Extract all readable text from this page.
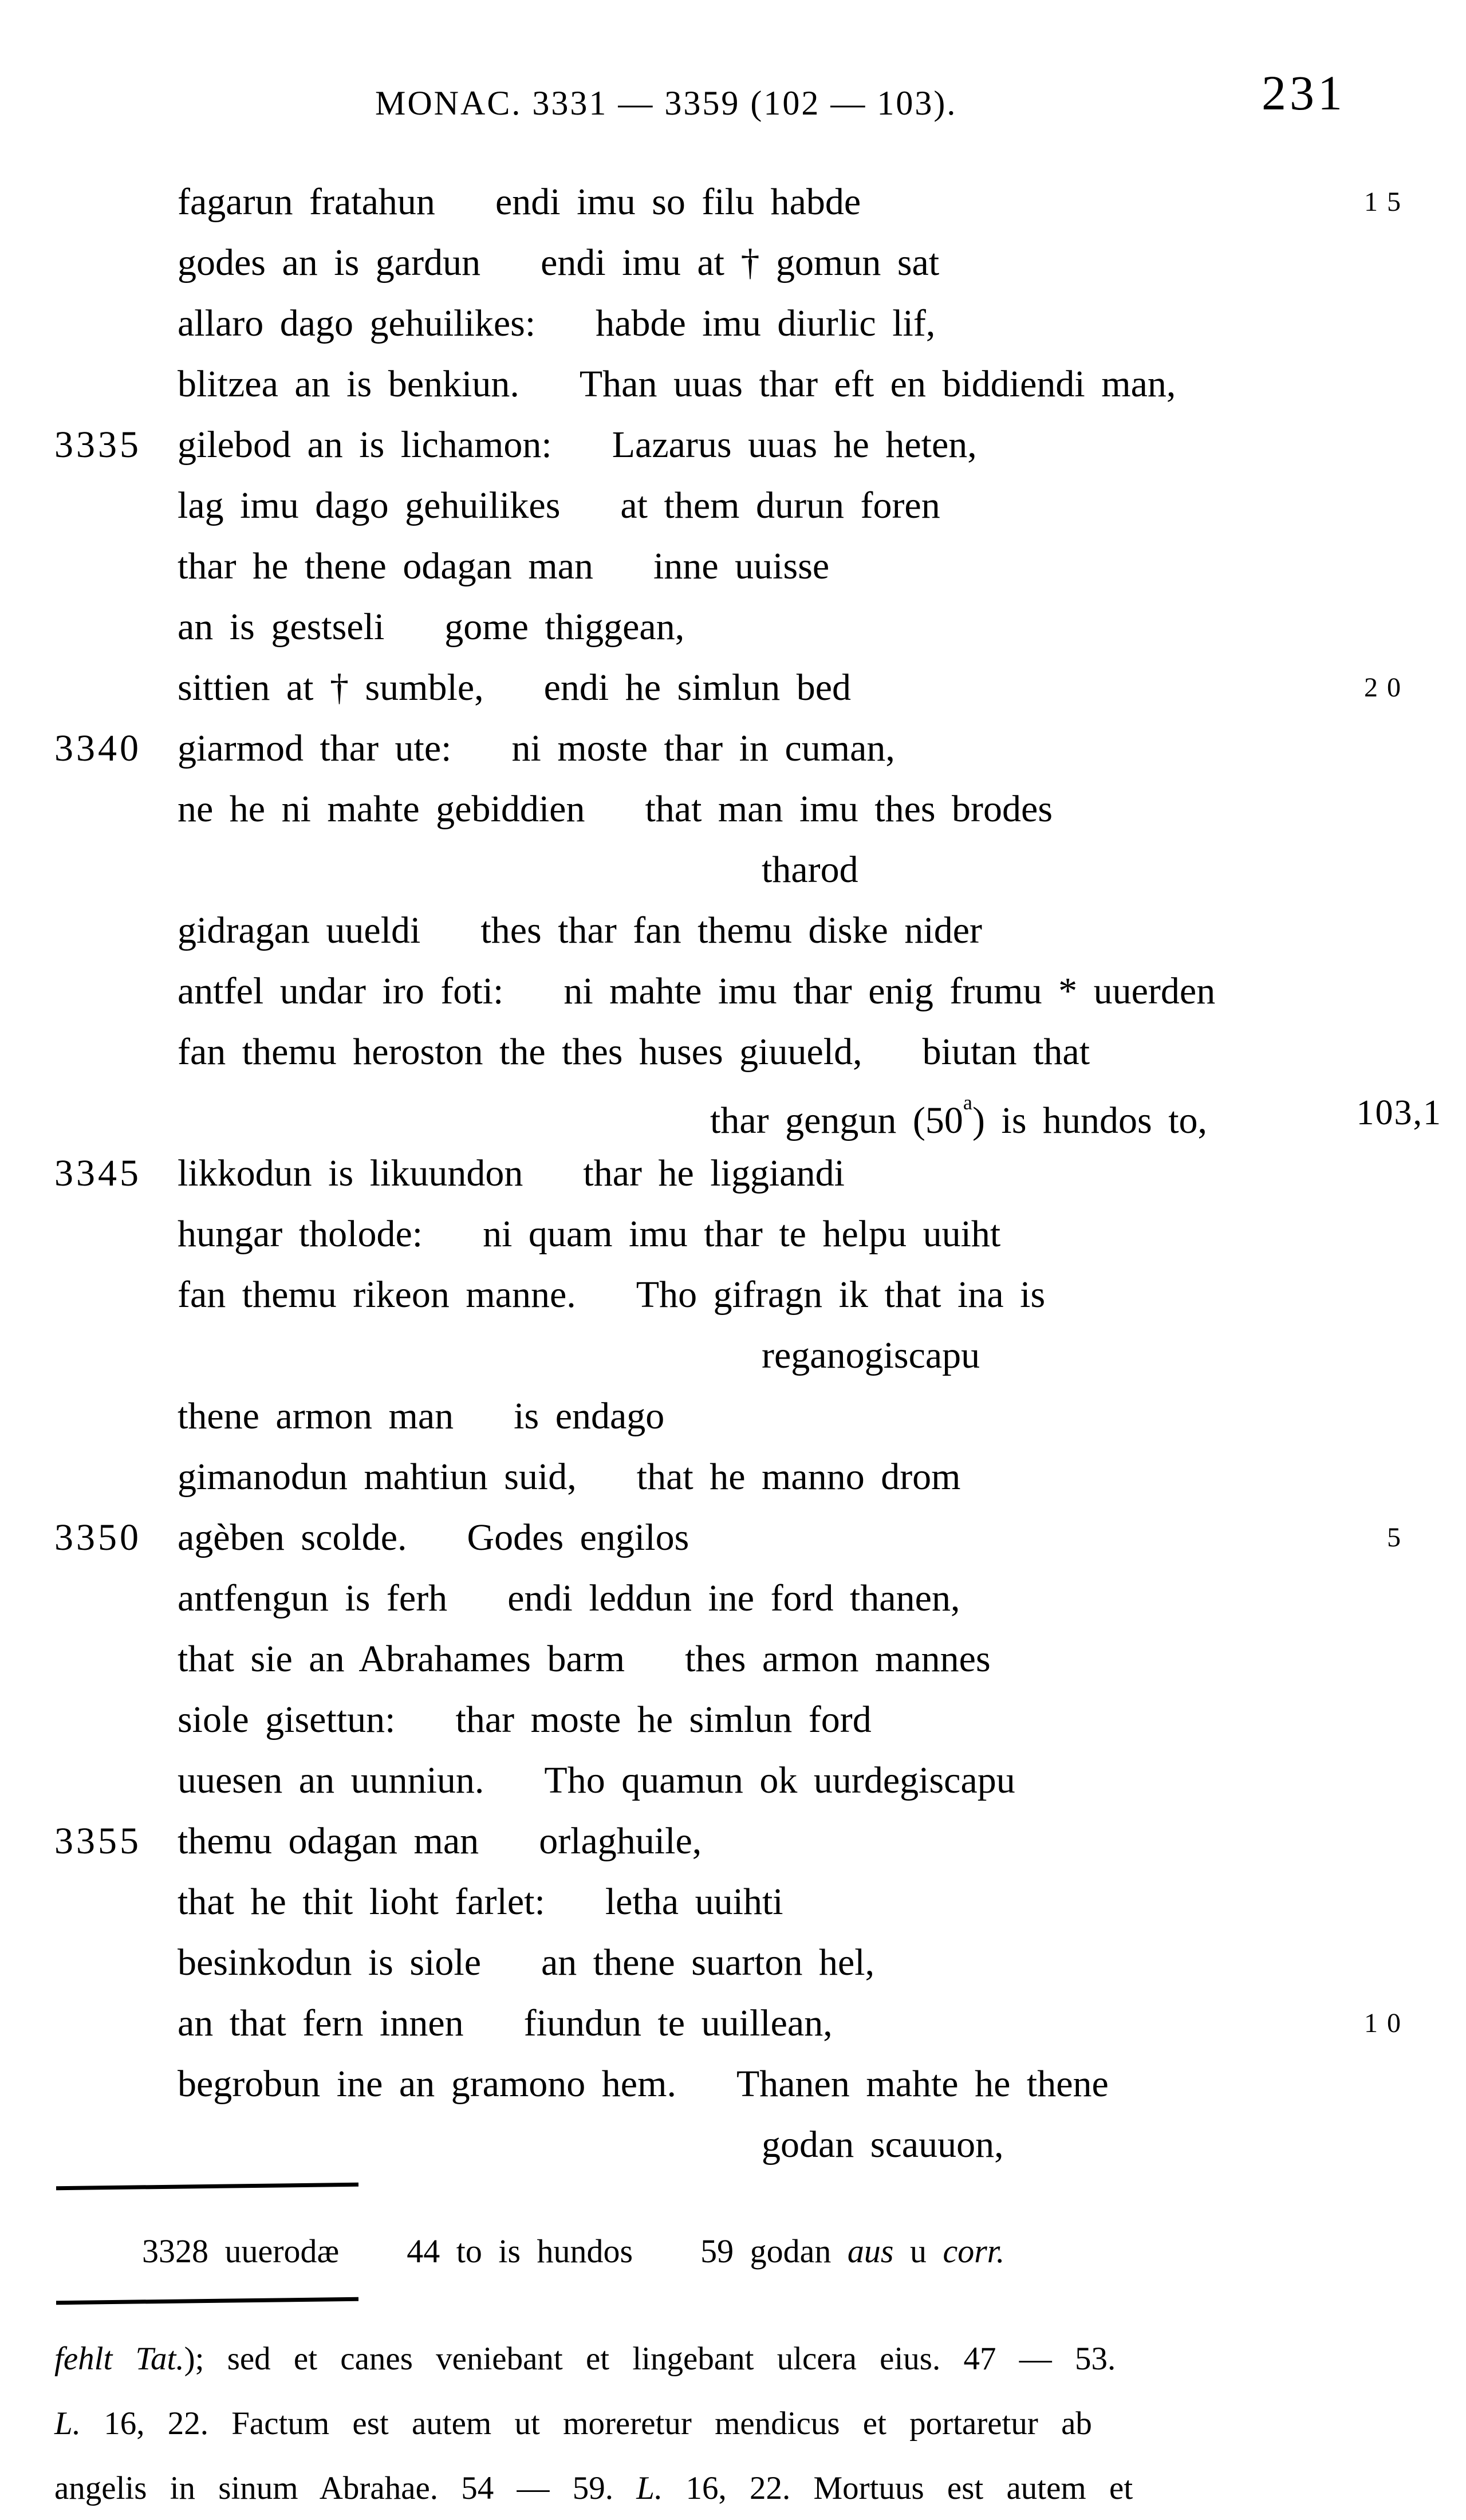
MONAC. 3331 — 3359 (102 — 103).	231
fagarun fratahun endi imu so filu habde	15
godes an is gardun endi imu at † gomun sat
allaro dago gehuilikes: habde imu diurlic lif,
blitzea an is benkiun. Than uuas thar eft en biddiendi man,
3335 gilebod an is lichamon: Lazarus uuas he heten,
lag imu dago gehuilikes at them durun foren
thar he thene odagan man inne uuisse
an is gestseli gome thiggean,
sittien at † sumble, endi he simlun bed	20
3340 giarmod thar ute: ni moste thar in cuman,
ne he ni mahte gebiddien that man imu thes brodes
tharod
gidragan uueldi thes thar fan themu diske nider
antfel undar iro foti: ni mahte imu thar enig frumu * uuerden
fan themu heroston the thes huses giuueld, biutan that
thar gengun (50$^a$) is hundos to,	103,1
3345 likkodun is likuundon thar he liggiandi
hungar tholode: ni quam imu thar te helpu uuiht
fan themu rikeon manne. Tho gifragn ik that ina is
reganogiscapu
thene armon man is endago
gimanodun mahtiun suid, that he manno drom
3350 agèben scolde. Godes engilos	5
antfengun is ferh endi leddun ine ford thanen,
that sie an Abrahames barm thes armon mannes
siole gisettun: thar moste he simlun ford
uuesen an uunniun. Tho quamun ok uurdegiscapu
3355 themu odagan man orlaghuile,
that he thit lioht farlet: letha uuihti
besinkodun is siole an thene suarton hel,
an that fern innen fiundun te uuillean,	10
begrobun ine an gramono hem. Thanen mahte he thene
godan scauuon,
3328 uuerodæ 44 to is hundos 59 godan aus u corr.
fehlt Tat.); sed et canes veniebant et lingebant ulcera eius. 47 — 53.
L. 16, 22. Factum est autem ut moreretur mendicus et portaretur ab
angelis in sinum Abrahae. 54 — 59. L. 16, 22. Mortuus est autem et
